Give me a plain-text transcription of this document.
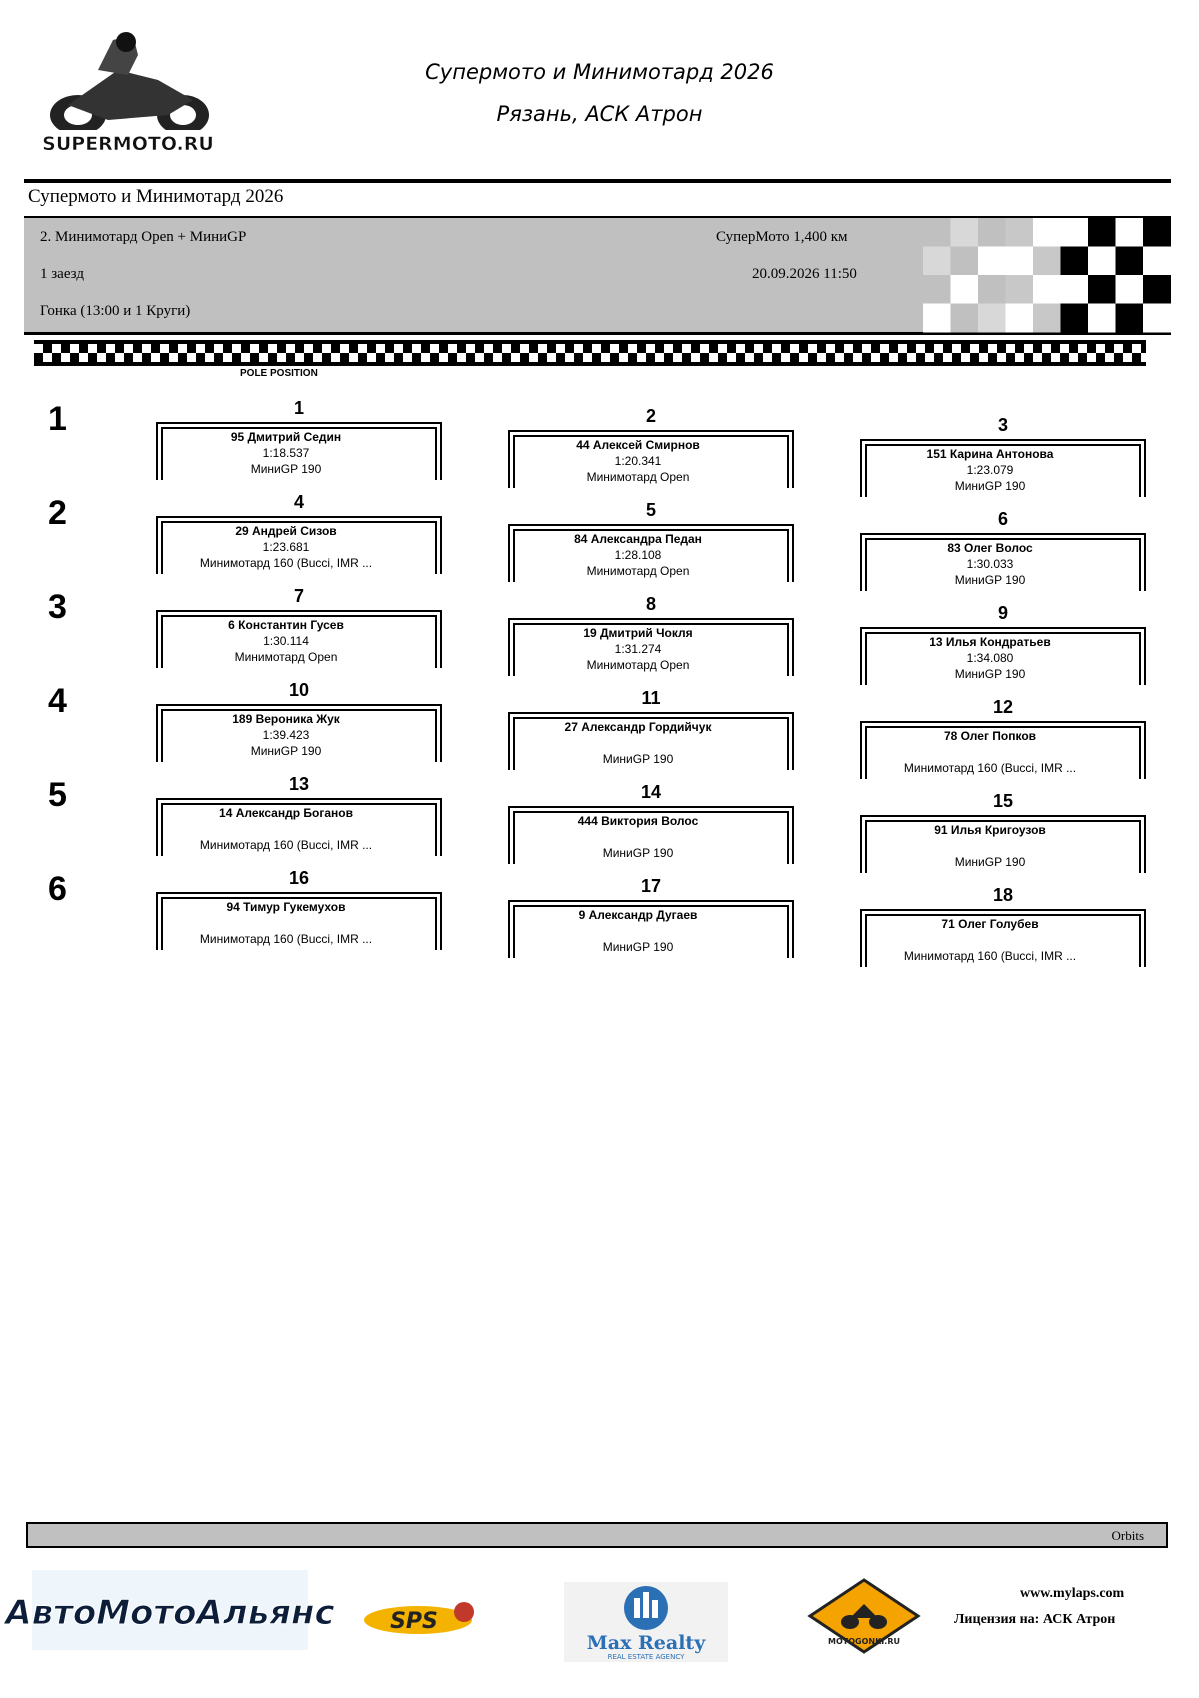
SUPERMOTO.RU
Супермото и Минимотард 2026
Рязань, АСК Атрон
Супермото и Минимотард 2026
2. Минимотард Open + МиниGP
1 заезд
Гонка (13:00 и 1 Круги)
СуперМото 1,400 км
20.09.2026 11:50
POLE POSITION
1
2
3
4
5
6
1
95 Дмитрий Седин
1:18.537
МиниGP 190
2
44 Алексей Смирнов
1:20.341
Минимотард Open
3
151 Карина Антонова
1:23.079
МиниGP 190
4
29 Андрей Сизов
1:23.681
Минимотард 160 (Bucci, IMR ...
5
84 Александра Педан
1:28.108
Минимотард Open
6
83 Олег Волос
1:30.033
МиниGP 190
7
6 Константин Гусев
1:30.114
Минимотард Open
8
19 Дмитрий Чокля
1:31.274
Минимотард Open
9
13 Илья Кондратьев
1:34.080
МиниGP 190
10
189 Вероника Жук
1:39.423
МиниGP 190
11
27 Александр Гордийчук
МиниGP 190
12
78 Олег Попков
Минимотард 160 (Bucci, IMR ...
13
14 Александр Боганов
Минимотард 160 (Bucci, IMR ...
14
444 Виктория Волос
МиниGP 190
15
91 Илья Кригоузов
МиниGP 190
16
94 Тимур Гукемухов
Минимотард 160 (Bucci, IMR ...
17
9 Александр Дугаев
МиниGP 190
18
71 Олег Голубев
Минимотард 160 (Bucci, IMR ...
Orbits
АвтоМотоАльянс	SPS
Max Realty
REAL ESTATE AGENCY
MOTOGONKI.RU
www.mylaps.com
Лицензия на: АСК Атрон
